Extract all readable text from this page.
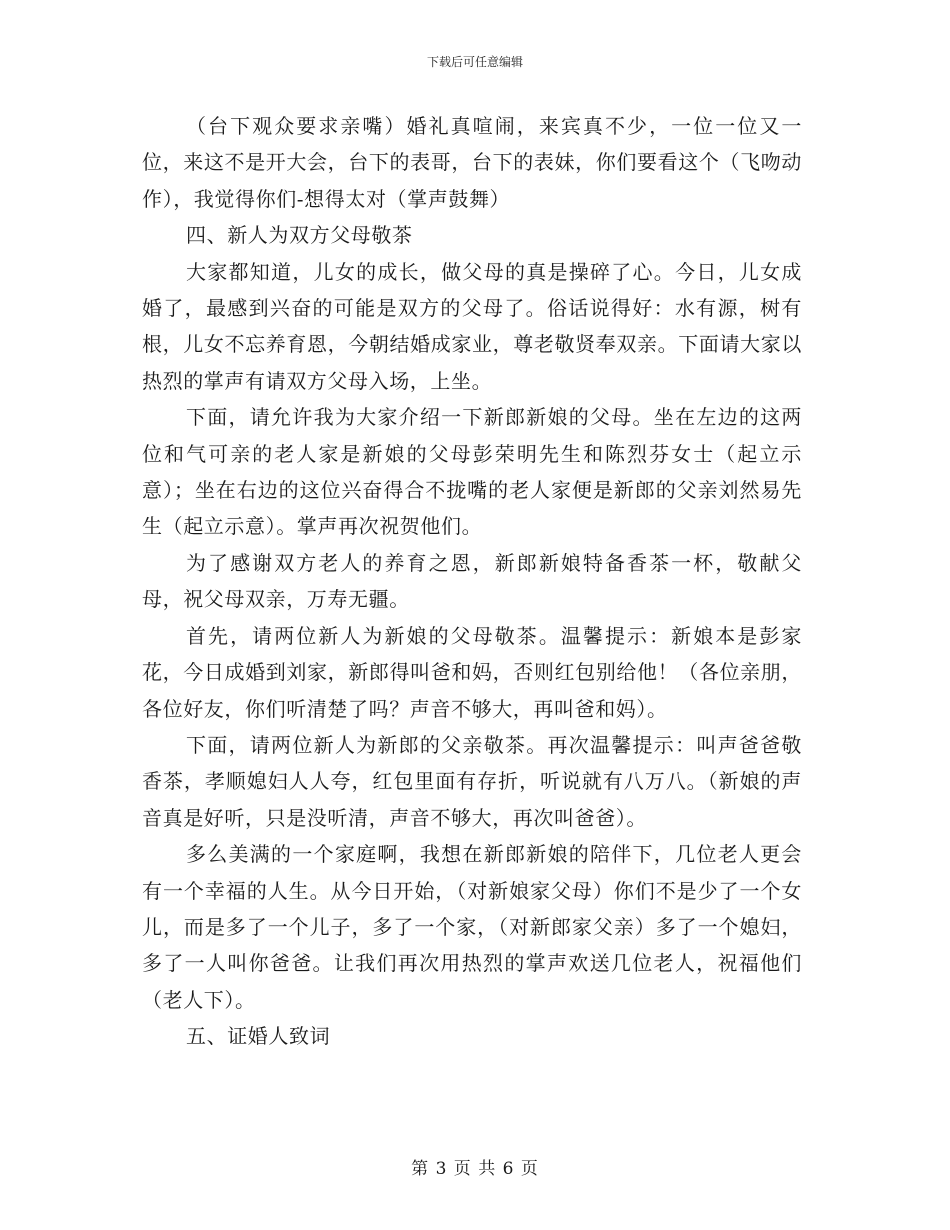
下载后可任意编辑

（台下观众要求亲嘴）婚礼真喧闹，来宾真不少，一位一位又一位，来这不是开大会，台下的表哥，台下的表妹，你们要看这个（飞吻动作），我觉得你们-想得太对（掌声鼓舞）

四、新人为双方父母敬茶

大家都知道，儿女的成长，做父母的真是操碎了心。今日，儿女成婚了，最感到兴奋的可能是双方的父母了。俗话说得好：水有源，树有根，儿女不忘养育恩，今朝结婚成家业，尊老敬贤奉双亲。下面请大家以热烈的掌声有请双方父母入场，上坐。

下面，请允许我为大家介绍一下新郎新娘的父母。坐在左边的这两位和气可亲的老人家是新娘的父母彭荣明先生和陈烈芬女士（起立示意）；坐在右边的这位兴奋得合不拢嘴的老人家便是新郎的父亲刘然易先生（起立示意）。掌声再次祝贺他们。

为了感谢双方老人的养育之恩，新郎新娘特备香茶一杯，敬献父母，祝父母双亲，万寿无疆。

首先，请两位新人为新娘的父母敬茶。温馨提示：新娘本是彭家花，今日成婚到刘家，新郎得叫爸和妈，否则红包别给他！（各位亲朋，各位好友，你们听清楚了吗？声音不够大，再叫爸和妈）。

下面，请两位新人为新郎的父亲敬茶。再次温馨提示：叫声爸爸敬香茶，孝顺媳妇人人夸，红包里面有存折，听说就有八万八。（新娘的声音真是好听，只是没听清，声音不够大，再次叫爸爸）。

多么美满的一个家庭啊，我想在新郎新娘的陪伴下，几位老人更会有一个幸福的人生。从今日开始，（对新娘家父母）你们不是少了一个女儿，而是多了一个儿子，多了一个家，（对新郎家父亲）多了一个媳妇，多了一人叫你爸爸。让我们再次用热烈的掌声欢送几位老人，祝福他们（老人下）。

五、证婚人致词

第 3 页 共 6 页
